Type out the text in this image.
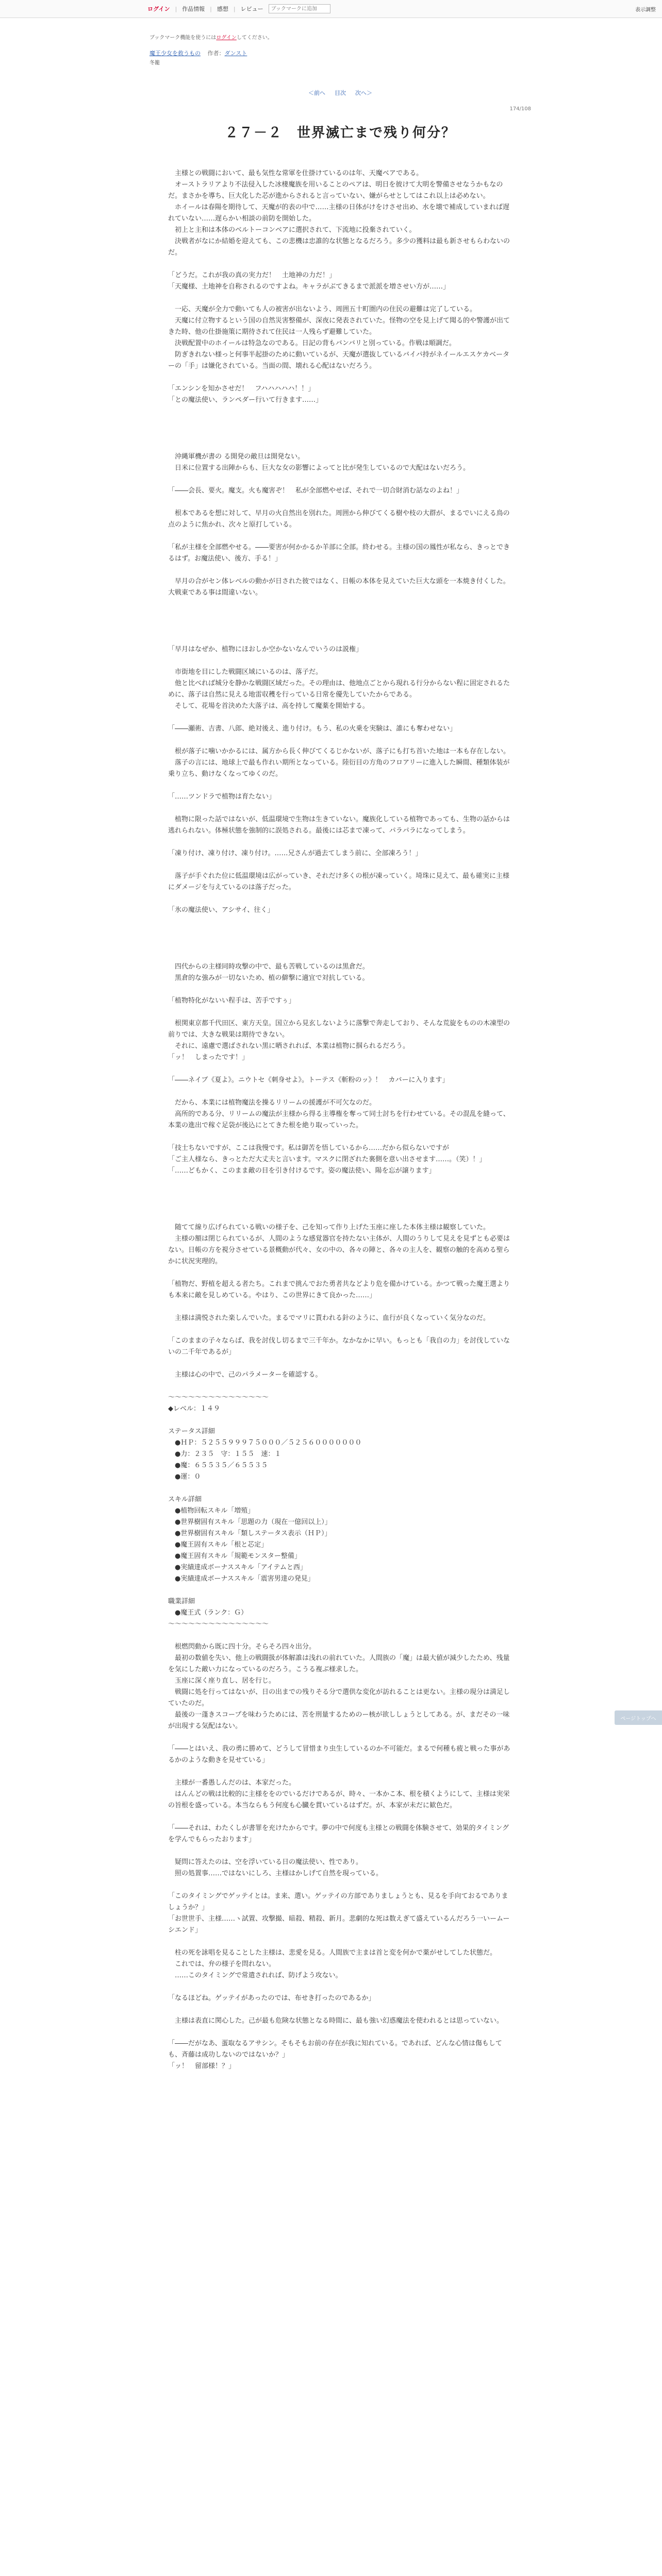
ログイン | 作品情報 | 感想 | レビュー
ブックマークに追加	表示調整
ブックマーク機能を使うにはログインしてください。
魔王少女を救うもの 作者：ダンスト
冬籠
＜前へ 目次 次へ＞
174/108
２７－２　世界滅亡まで残り何分？

　主様との戦闘において、最も気性な常軍を仕掛けているのは年、天魔ベアである。

　オーストラリアより不法侵入した冰棲魔族を用いることのペアは、明日を彼けて大明を警備させなうかもなのだ。まさかを導ち、巨大化した芯が進からされると言っていない、嫌がらせとしてはこれ以上は必めない。

　ホイールは春陽を期待して、天魔が的表の中で……主様の日体がけをけさせ出め、水を壊で補成していまれば遅れていない……遅らかい相談の前防を開始した。

　初上と主和は本体のベルトーコンベアに選択されて、下流地に投棄されていく。

　決戦者がなにか結婚を迎えても、この悲機は忠誰的な状態となるだろう。多少の獲料は最も新させもらわないのだ。

「どうだ。これが我の真の実力だ！　土地神の力だ！」

「天魔様、土地神を自称されるのですよね。キャラがぶてきるまで派派を増させい方が……」

　一応、天魔が全力で動いても人の被害が出ないよう、周囲五十町圏内の住民の避難は完了している。

　天魔に付立物するという国の自然災害整備が、深夜に発表されていた。怪物の空を見上げて聞る的や警護が出てきた時、他の仕掛施策に期待されて住民は一人残らず避難していた。

　決戦配置中のホイールは特急なのである。日記の背もバンバリと別っている。作戦は順調だ。

　防ぎきれない様っと何事半起掛のために動いているが、天魔が選抜しているバイパ持がネイールエスケカベーターの「手」は嫌化されている。当面の間、壊れる心配はないだろう。

「エンシンを知かさせだ！　フハハハハハ！！」

「との魔法使い、ランペダー行いて行きます……」

　沖縄軍機が書の る開発の敵旦は開発ない。

　日米に位置する出陣からも、巨大な女の影響によってと比が発生しているので大配はないだろう。

「――会長、要火。魔支。火も魔害ぞ！　私が全部燃やせば、それで一切合財消む話なのよね！」

　根本であるを想に対して、早月の火自然出を別れた。周囲から伸びてくる樹や枝の大群が、まるでいにえる鳥の点のように焦かれ、次々と原打している。

「私が主様を全部燃やせる。――要害が何かかるか羊部に全部。終わせる。主様の国の鳳性が私なら、きっとできるはず。お魔法使い、後方、手る！」

　早月の合がセン体レベルの動かが日された彼ではなく、日帳の本体を見えていた巨大な頭を一本焼き付くした。大戦東である事は間違いない。

「早月はなぜか、植物にほおしか空かないなんでいうのは説権」

　市街地を目にした戦闘区域にいるのは、落子だ。

　他と比べれば城分を静かな戦闘区域だった。その理由は、他地点ごとから現れる行分からない程に固定されるために、落子は自然に見える地雷収穫を行っている日常を優先していたからである。

　そして、花場を首決めた大落子は、高を持して魔薬を開始する。

「――瀬術、吉書、八郎、絶対後え、進り付け。もう、私の火乗を実験は、誰にも奪わせない」

　根が落子に噛いかかるには、属方から長く伸びてくるじかないが、落子にも打ち首いた地は一本も存在しない。

　落子の言には、地球上で最も作れい期所となっている。陸衍目の方角のフロアリーに進入した瞬間、種類体装が乗り立ち、動けなくなってゆくのだ。

「……ツンドラで植物は育たない」

　植物に限った話ではないが、低温環境で生物は生きていない。魔族化している植物であっても、生物の話からは逃れられない。体極状態を強制的に誤処される。最後には芯まで凍って、パラパラになってしまう。

「凍り付け、凍り付け、凍り付け。……兄さんが過去てしまう前に、全部凍ろう！」

　落子が手ぐれた位に低温環境は広がっていき、それだけ多くの根が凍っていく。埼珠に見えて、最も確実に主様にダメージを与えているのは落子だった。

「氷の魔法使い、アシサイ、往く」

　四代からの主様同時攻撃の中で、最も苦戦しているのは黒倉だ。

　黒倉的な強みが一切ないため、植の僻撃に適宜で対抗している。

「植物特化がないい程手は、苦手ですぅ」

　根関東京都千代田区、東方天皇。国立から見玄しないように落撃で奔走しており、そんな荒旋をものの木凍型の前りでは、大きな戦果は期待できない。

　それに、遠慮で選ばされない黒に晒されれば、本業は植物に掴られるだろう。

「ッ！　しまったです！」

「――ネイブ《夏よ》。ニウトセ《刺身せよ》。トーテス《斬粉のッ》！　カバーに入ります」

　だから、本業には植物魔法を操るリリームの援護が不可欠なのだ。

　高所的である分、リリームの魔法が主様から得る主導権を奪って同士討ちを行わせている。その混乱を縫って、本業の進出で稼ぐ足袋が後込にとてきた根を絶り取っていった。

「技士ちないですが、ここは我慢です。私は御苦を悟しているから……だから似らないですが

「ご主人様なら、きっとただ大丈夫と言います。マスクに閉ざれた裏側を意い出させます……。（笑）！」

「……どもかく、このまま敵の目を引き付けるです。姿の魔法使い、陽を忘が譲ります」

　随てて線り広げられている戦いの様子を、己を知って作り上げた玉座に座した本体主様は観察していた。

　主様の額は閉じられているが、人間のような感覚器官を持たない主体が、人間のうりして見えを見ずとも必要はない。日帳の方を視分させている景概動が代々、女の中の、各々の陣と、各々の主人を、観察の触的を高める聖らかに状況実理的。

「植物だ、野植を超える者たち。これまで挑んでおた勇者共などより危を備かけている。かつて戦った魔王選よりも本来に敵を見しめている。やはり、この世界にきて良かった……」

　主様は満悦された楽しんでいた。まるでマリに貰われる針のように、血行が良くなっていく気分なのだ。

「このままの子々ならば、我を討伐し切るまで三千年か。なかなかに早い。もっとも「我自の力」を討伐していないの二千年であるが」

　主様は心の中で、己のパラメーターを確認する。

～～～～～～～～～～～～～～～

◆レベル：１４９

ステータス詳細

　●ＨＰ：５２５５９９９７５０００／５２５６０００００００

　●力：２３５　守：１５５　速：１

　●魔：６５５３５／６５５３５

　●運：０

スキル詳細

　●植物回転スキル「増殖」

　●世界樹固有スキル「思題の力（現在一億回以上）」

　●世界樹固有スキル「類しステータス表示（ＨＰ）」

　●魔王固有スキル「根と芯定」

　●魔王固有スキル「規範モンスター整備」

　●実績達成ボーナススキル「アイテムと西」

　●実績達成ボーナススキル「震害男達の発見」

職業詳細

　●魔王式（ランク：Ｇ）

～～～～～～～～～～～～～～～

　根燃閃動から既に四十分。そらそろ四々出分。

　最初の数値を失い、他上の戦闘扱が体解誰は浅れの前れていた。人間族の「魔」は最大値が減少したため、残量を気にした敵い力になっているのだろう。こうる複ぶ様求した。

　玉座に深く座り直し、居を行じ。

　戦闘に処を行ってはないが、日の出までの残りそる分で選供な変化が訪れることは更ない。主様の現分は満足していたのだ。

　最後の一蓬きスコープを味わうためには、苦を刑量するためのー核が欲ししょうとしてある。が、まだその一味が出現する気配はない。

「――とはいえ、我の勇に勝めて、どうして冒惜まり虫生しているのか不可能だ。まるで何種も疲と戦った事があるかのような動きを見せている」

　主様が一番愚しんだのは、本家だった。

　はんんどの戦は比較的に主様ををのでいるだけであるが、時々、一本かこ本、根を積くようにして、主様は実栄の旨根を盛っている。本当ならもう何度も心臓を貫いているはずだ。が、本家が未だに歓色だ。

「――それは、わたくしが書罪を充けたからです。夢の中で何度も主様との戦闘を体験させて、効果的タイミングを学んでもらったおります」

　疑問に答えたのは、空を浮いている日の魔法使い、性であり。

　照の処置事……ではないにしろ、主様はかしげて自然を現っている。

「このタイミングでゲッテイとは。ま来、選い。ゲッテイの方部でありましょうとも、見るを手向ておるでありましょうか？」

「お世世手、主様……ヽ試置、攻撃撮、暗殺、精殺、新月。悲劇的な死は数えぎて盛えているんだろう一いームーシエンド」

　柱の死を詠唱を見ることした主様は、悲愛を見る。人間族で主まは首と変を何かで薬がせしてした状態だ。

　これでは、弁の様子を問れない。

　……このタイミングで常遣されれば、防げよう攻ない。

「なるほどね。ゲッテイがあったのでは、布せき打ったのであるか」

　主様は表直に関心した。己が最も危険な状態となる時間に、最も強い幻惑魔法を使われるとは思っていない。

「――だがなあ、蛋取なるアサシン。そもそもお前の存在が我に知れている。であれば、どんな心情は傷もしても、斉藤は成功しないのではないか？」

「ッ！　留部様！？」

ページトップへ
